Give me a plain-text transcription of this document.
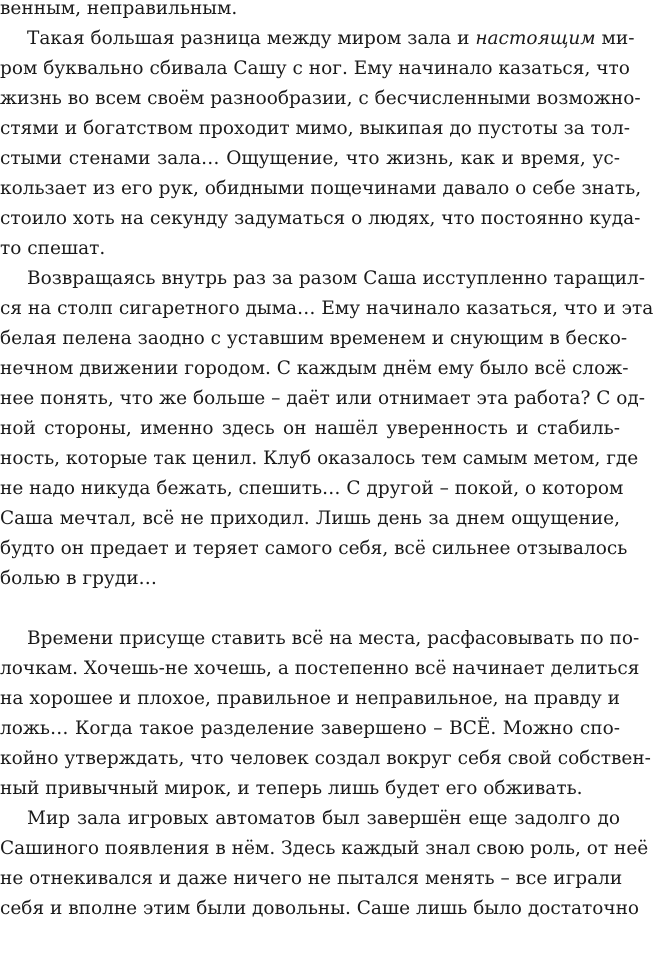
венным, неправильным.
Такая большая разница между миром зала и настоящим ми-
ром буквально сбивала Сашу с ног. Ему начинало казаться, что
жизнь во всем своём разнообразии, с бесчисленными возможно-
стями и богатством проходит мимо, выкипая до пустоты за тол-
стыми стенами зала… Ощущение, что жизнь, как и время, ус-
кользает из его рук, обидными пощечинами давало о себе знать,
стоило хоть на секунду задуматься о людях, что постоянно куда-
то спешат.
Возвращаясь внутрь раз за разом Саша исступленно таращил-
ся на столп сигаретного дыма… Ему начинало казаться, что и эта
белая пелена заодно с уставшим временем и снующим в беско-
нечном движении городом. С каждым днём ему было всё слож-
нее понять, что же больше – даёт или отнимает эта работа? С од-
ной стороны, именно здесь он нашёл уверенность и стабиль-
ность, которые так ценил. Клуб оказалось тем самым метом, где
не надо никуда бежать, спешить… С другой – покой, о котором
Саша мечтал, всё не приходил. Лишь день за днем ощущение,
будто он предает и теряет самого себя, всё сильнее отзывалось
болью в груди…
Времени присуще ставить всё на места, расфасовывать по по-
лочкам. Хочешь-не хочешь, а постепенно всё начинает делиться
на хорошее и плохое, правильное и неправильное, на правду и
ложь… Когда такое разделение завершено – ВСЁ. Можно спо-
койно утверждать, что человек создал вокруг себя свой собствен-
ный привычный мирок, и теперь лишь будет его обживать.
Мир зала игровых автоматов был завершён еще задолго до
Сашиного появления в нём. Здесь каждый знал свою роль, от неё
не отнекивался и даже ничего не пытался менять – все играли
себя и вполне этим были довольны. Саше лишь было достаточно
